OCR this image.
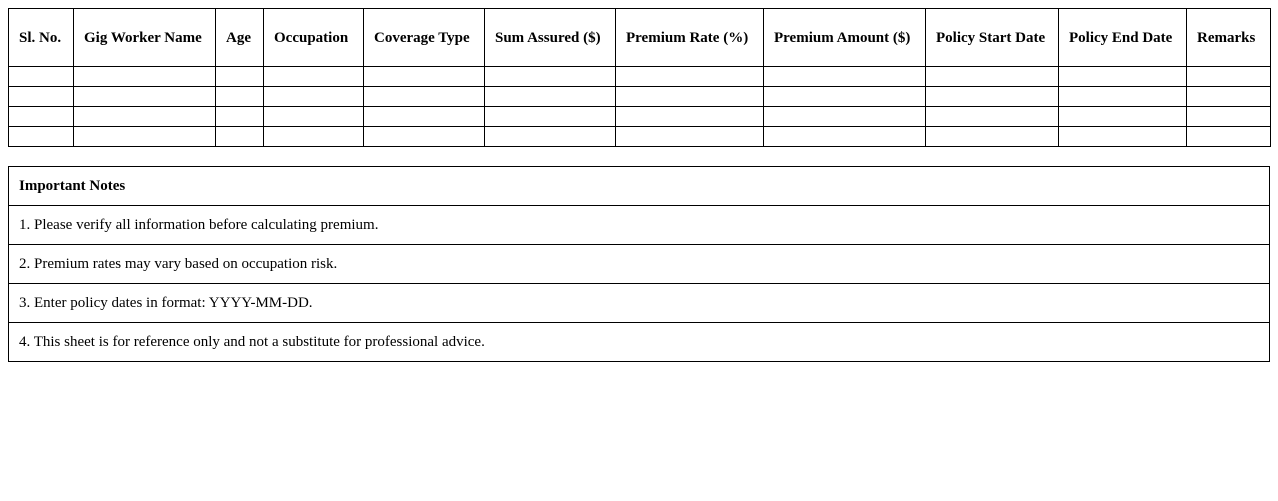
Sl. No.	Gig Worker Name	Age	Occupation	Coverage Type	Sum Assured ($)	Premium Rate (%)	Premium Amount ($)	Policy Start Date	Policy End Date	Remarks

Important Notes
1. Please verify all information before calculating premium.
2. Premium rates may vary based on occupation risk.
3. Enter policy dates in format: YYYY-MM-DD.
4. This sheet is for reference only and not a substitute for professional advice.
